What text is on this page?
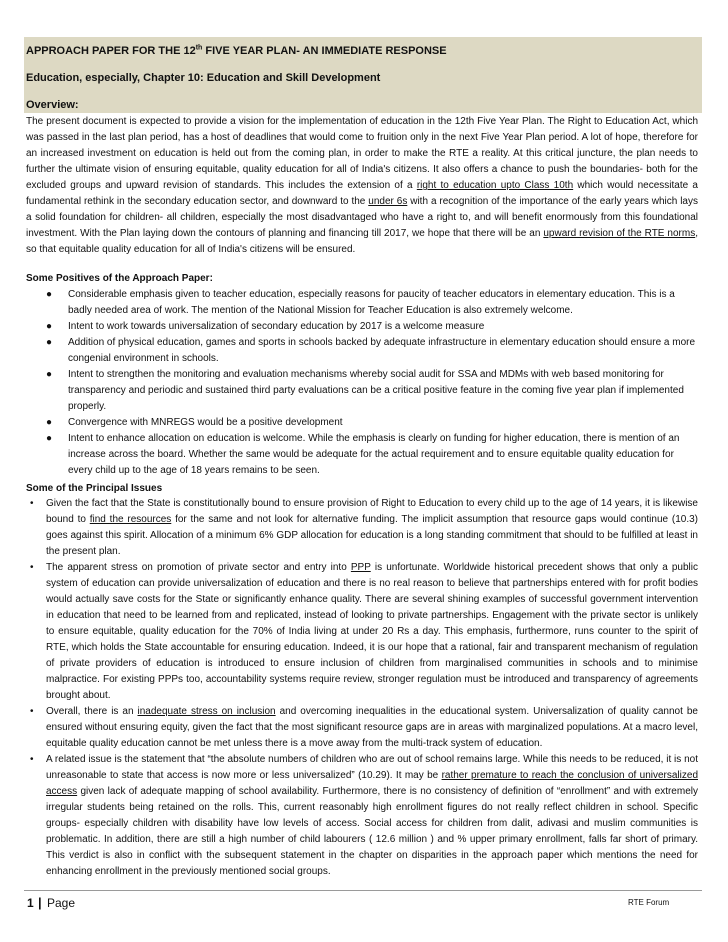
APPROACH PAPER FOR THE 12th FIVE YEAR PLAN- AN IMMEDIATE RESPONSE
Education, especially, Chapter 10: Education and Skill Development
Overview:
The present document is expected to provide a vision for the implementation of education in the 12th Five Year Plan. The Right to Education Act, which was passed in the last plan period, has a host of deadlines that would come to fruition only in the next Five Year Plan period. A lot of hope, therefore for an increased investment on education is held out from the coming plan, in order to make the RTE a reality. At this critical juncture, the plan needs to further the ultimate vision of ensuring equitable, quality education for all of India's citizens. It also offers a chance to push the boundaries- both for the excluded groups and upward revision of standards. This includes the extension of a right to education upto Class 10th which would necessitate a fundamental rethink in the secondary education sector, and downward to the under 6s with a recognition of the importance of the early years which lays a solid foundation for children- all children, especially the most disadvantaged who have a right to, and will benefit enormously from this foundational investment. With the Plan laying down the contours of planning and financing till 2017, we hope that there will be an upward revision of the RTE norms, so that equitable quality education for all of India's citizens will be ensured.
Some Positives of the Approach Paper:
● Considerable emphasis given to teacher education, especially reasons for paucity of teacher educators in elementary education. This is a badly needed area of work. The mention of the National Mission for Teacher Education is also extremely welcome.
● Intent to work towards universalization of secondary education by 2017 is a welcome measure
● Addition of physical education, games and sports in schools backed by adequate infrastructure in elementary education should ensure a more congenial environment in schools.
● Intent to strengthen the monitoring and evaluation mechanisms whereby social audit for SSA and MDMs with web based monitoring for transparency and periodic and sustained third party evaluations can be a critical positive feature in the coming five year plan if implemented properly.
● Convergence with MNREGS would be a positive development
● Intent to enhance allocation on education is welcome. While the emphasis is clearly on funding for higher education, there is mention of an increase across the board. Whether the same would be adequate for the actual requirement and to ensure equitable quality education for every child up to the age of 18 years remains to be seen.
Some of the Principal Issues
• Given the fact that the State is constitutionally bound to ensure provision of Right to Education to every child up to the age of 14 years, it is likewise bound to find the resources for the same and not look for alternative funding. The implicit assumption that resource gaps would continue (10.3) goes against this spirit. Allocation of a minimum 6% GDP allocation for education is a long standing commitment that should to be fulfilled at least in the present plan.
• The apparent stress on promotion of private sector and entry into PPP is unfortunate. Worldwide historical precedent shows that only a public system of education can provide universalization of education and there is no real reason to believe that partnerships entered with for profit bodies would actually save costs for the State or significantly enhance quality. There are several shining examples of successful government intervention in education that need to be learned from and replicated, instead of looking to private partnerships. Engagement with the private sector is unlikely to ensure equitable, quality education for the 70% of India living at under 20 Rs a day. This emphasis, furthermore, runs counter to the spirit of RTE, which holds the State accountable for ensuring education. Indeed, it is our hope that a rational, fair and transparent mechanism of regulation of private providers of education is introduced to ensure inclusion of children from marginalised communities in schools and to minimise malpractice. For existing PPPs too, accountability systems require review, stronger regulation must be introduced and transparency of agreements brought about.
• Overall, there is an inadequate stress on inclusion and overcoming inequalities in the educational system. Universalization of quality cannot be ensured without ensuring equity, given the fact that the most significant resource gaps are in areas with marginalized populations. At a macro level, equitable quality education cannot be met unless there is a move away from the multi-track system of education.
• A related issue is the statement that “the absolute numbers of children who are out of school remains large. While this needs to be reduced, it is not unreasonable to state that access is now more or less universalized” (10.29). It may be rather premature to reach the conclusion of universalized access given lack of adequate mapping of school availability. Furthermore, there is no consistency of definition of “enrollment” and with extremely irregular students being retained on the rolls. This, current reasonably high enrollment figures do not really reflect children in school. Specific groups- especially children with disability have low levels of access. Social access for children from dalit, adivasi and muslim communities is problematic. In addition, there are still a high number of child labourers ( 12.6 million ) and % upper primary enrollment, falls far short of primary. This verdict is also in conflict with the subsequent statement in the chapter on disparities in the approach paper which mentions the need for enhancing enrollment in the previously mentioned social groups.
1 | Page	RTE Forum
